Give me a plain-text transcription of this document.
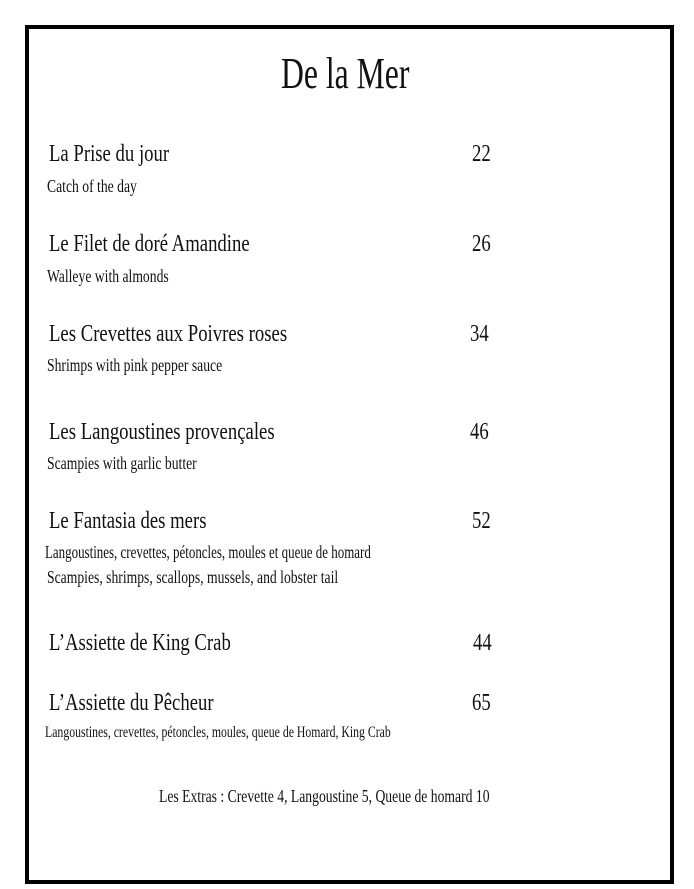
De la Mer
La Prise du jour	22
Catch of the day
Le Filet de doré Amandine	26
Walleye with almonds
Les Crevettes aux Poivres roses	34
Shrimps with pink pepper sauce
Les Langoustines provençales	46
Scampies with garlic butter
Le Fantasia des mers	52
Langoustines, crevettes, pétoncles, moules et queue de homard
Scampies, shrimps, scallops, mussels, and lobster tail
L’Assiette de King Crab	44
L’Assiette du Pêcheur	65
Langoustines, crevettes, pétoncles, moules, queue de Homard, King Crab
Les Extras : Crevette 4, Langoustine 5, Queue de homard 10
